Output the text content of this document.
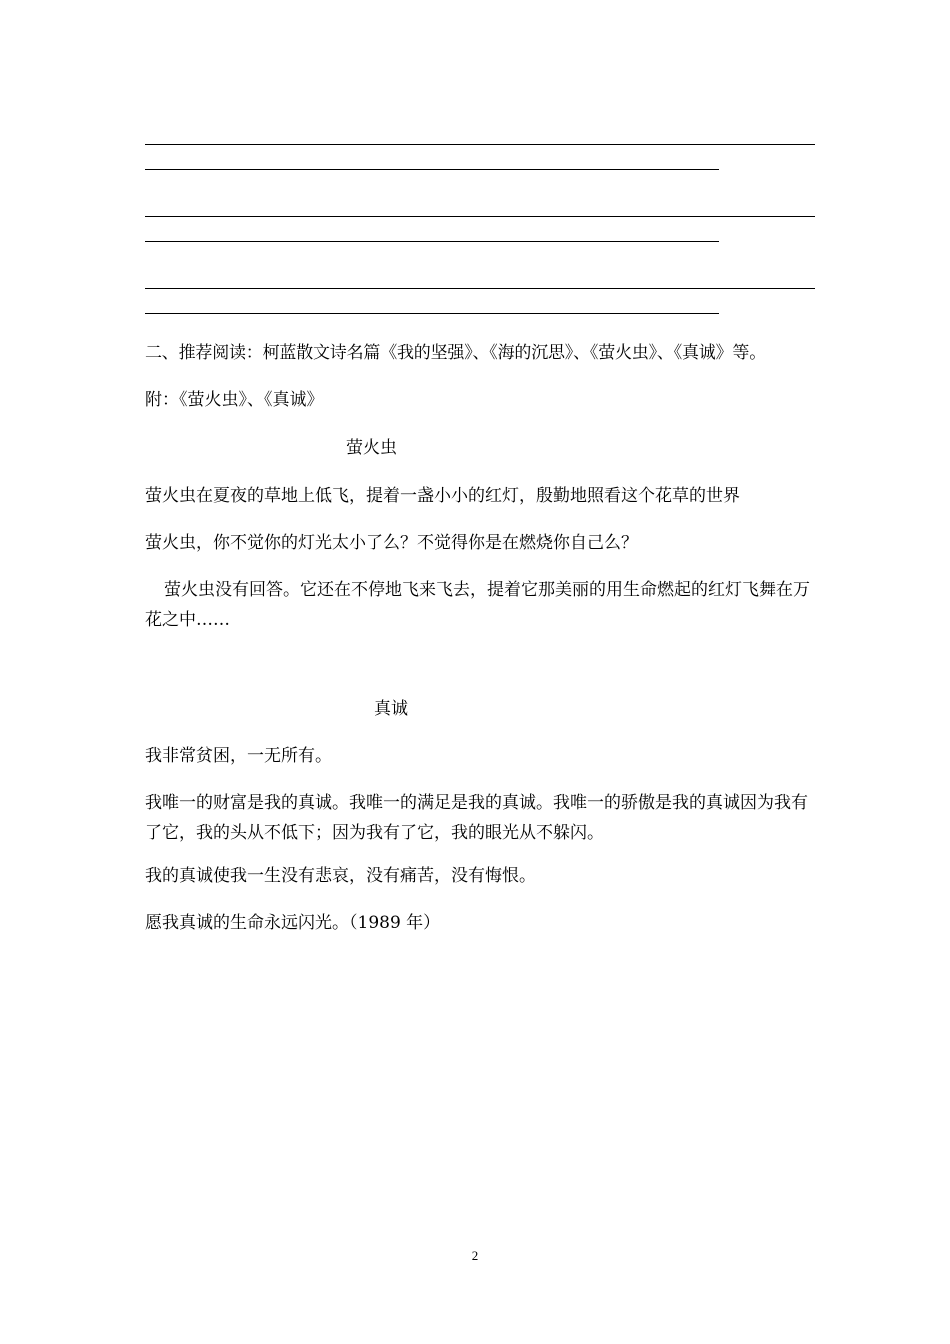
二、推荐阅读：柯蓝散文诗名篇《我的坚强》、《海的沉思》、《萤火虫》、《真诚》等。
附：《萤火虫》、《真诚》
萤火虫
萤火虫在夏夜的草地上低飞，提着一盏小小的红灯，殷勤地照看这个花草的世界
萤火虫，你不觉你的灯光太小了么？不觉得你是在燃烧你自己么？
萤火虫没有回答。它还在不停地飞来飞去，提着它那美丽的用生命燃起的红灯飞舞在万花之中……
真诚
我非常贫困，一无所有。
我唯一的财富是我的真诚。我唯一的满足是我的真诚。我唯一的骄傲是我的真诚因为我有了它，我的头从不低下；因为我有了它，我的眼光从不躲闪。
我的真诚使我一生没有悲哀，没有痛苦，没有悔恨。
愿我真诚的生命永远闪光。（1989 年）
2
